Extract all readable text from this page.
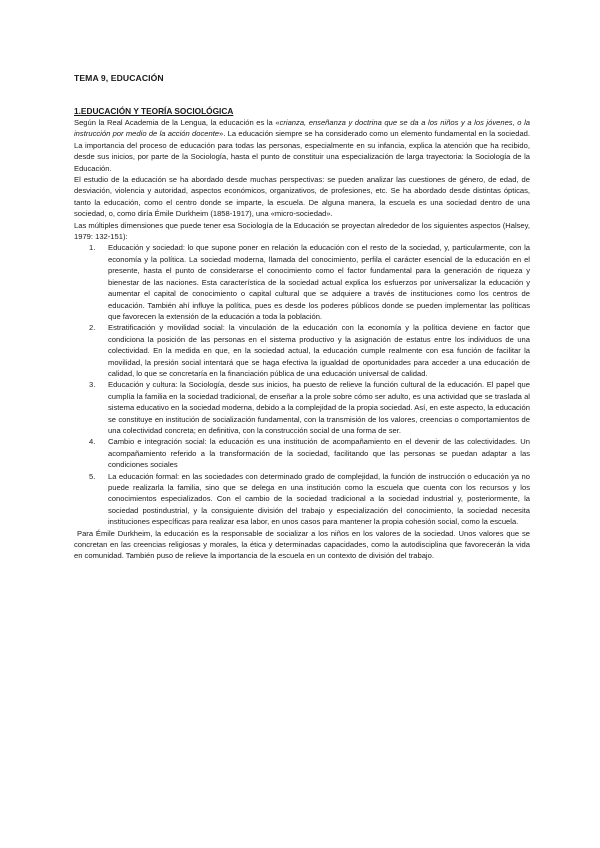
TEMA 9, EDUCACIÓN

1.EDUCACIÓN Y TEORÍA SOCIOLÓGICA

Según la Real Academia de la Lengua, la educación es la «crianza, enseñanza y doctrina que se da a los niños y a los jóvenes, o la instrucción por medio de la acción docente». La educación siempre se ha considerado como un elemento fundamental en la sociedad. La importancia del proceso de educación para todas las personas, especialmente en su infancia, explica la atención que ha recibido, desde sus inicios, por parte de la Sociología, hasta el punto de constituir una especialización de larga trayectoria: la Sociología de la Educación.

El estudio de la educación se ha abordado desde muchas perspectivas: se pueden analizar las cuestiones de género, de edad, de desviación, violencia y autoridad, aspectos económicos, organizativos, de profesiones, etc. Se ha abordado desde distintas ópticas, tanto la educación, como el centro donde se imparte, la escuela. De alguna manera, la escuela es una sociedad dentro de una sociedad, o, como diría Émile Durkheim (1858-1917), una «micro-sociedad».

Las múltiples dimensiones que puede tener esa Sociología de la Educación se proyectan alrededor de los siguientes aspectos (Halsey, 1979: 132-151):

1. Educación y sociedad: lo que supone poner en relación la educación con el resto de la sociedad, y, particularmente, con la economía y la política. La sociedad moderna, llamada del conocimiento, perfila el carácter esencial de la educación en el presente, hasta el punto de considerarse el conocimiento como el factor fundamental para la generación de riqueza y bienestar de las naciones. Esta característica de la sociedad actual explica los esfuerzos por universalizar la educación y aumentar el capital de conocimiento o capital cultural que se adquiere a través de instituciones como los centros de educación. También ahí influye la política, pues es desde los poderes públicos donde se pueden implementar las políticas que favorecen la extensión de la educación a toda la población.
2. Estratificación y movilidad social: la vinculación de la educación con la economía y la política deviene en factor que condiciona la posición de las personas en el sistema productivo y la asignación de estatus entre los individuos de una colectividad. En la medida en que, en la sociedad actual, la educación cumple realmente con esa función de facilitar la movilidad, la presión social intentará que se haga efectiva la igualdad de oportunidades para acceder a una educación de calidad, lo que se concretaría en la financiación pública de una educación universal de calidad.
3. Educación y cultura: la Sociología, desde sus inicios, ha puesto de relieve la función cultural de la educación. El papel que cumplía la familia en la sociedad tradicional, de enseñar a la prole sobre cómo ser adulto, es una actividad que se traslada al sistema educativo en la sociedad moderna, debido a la complejidad de la propia sociedad. Así, en este aspecto, la educación se constituye en institución de socialización fundamental, con la transmisión de los valores, creencias o comportamientos de una colectividad concreta; en definitiva, con la construcción social de una forma de ser.
4. Cambio e integración social: la educación es una institución de acompañamiento en el devenir de las colectividades. Un acompañamiento referido a la transformación de la sociedad, facilitando que las personas se puedan adaptar a las condiciones sociales
5. La educación formal: en las sociedades con determinado grado de complejidad, la función de instrucción o educación ya no puede realizarla la familia, sino que se delega en una institución como la escuela que cuenta con los recursos y los conocimientos especializados. Con el cambio de la sociedad tradicional a la sociedad industrial y, posteriormente, la sociedad postindustrial, y la consiguiente división del trabajo y especialización del conocimiento, la sociedad necesita instituciones específicas para realizar esa labor, en unos casos para mantener la propia cohesión social, como la escuela.

Para Émile Durkheim, la educación es la responsable de socializar a los niños en los valores de la sociedad. Unos valores que se concretan en las creencias religiosas y morales, la ética y determinadas capacidades, como la autodisciplina que favorecerán la vida en comunidad. También puso de relieve la importancia de la escuela en un contexto de división del trabajo.
